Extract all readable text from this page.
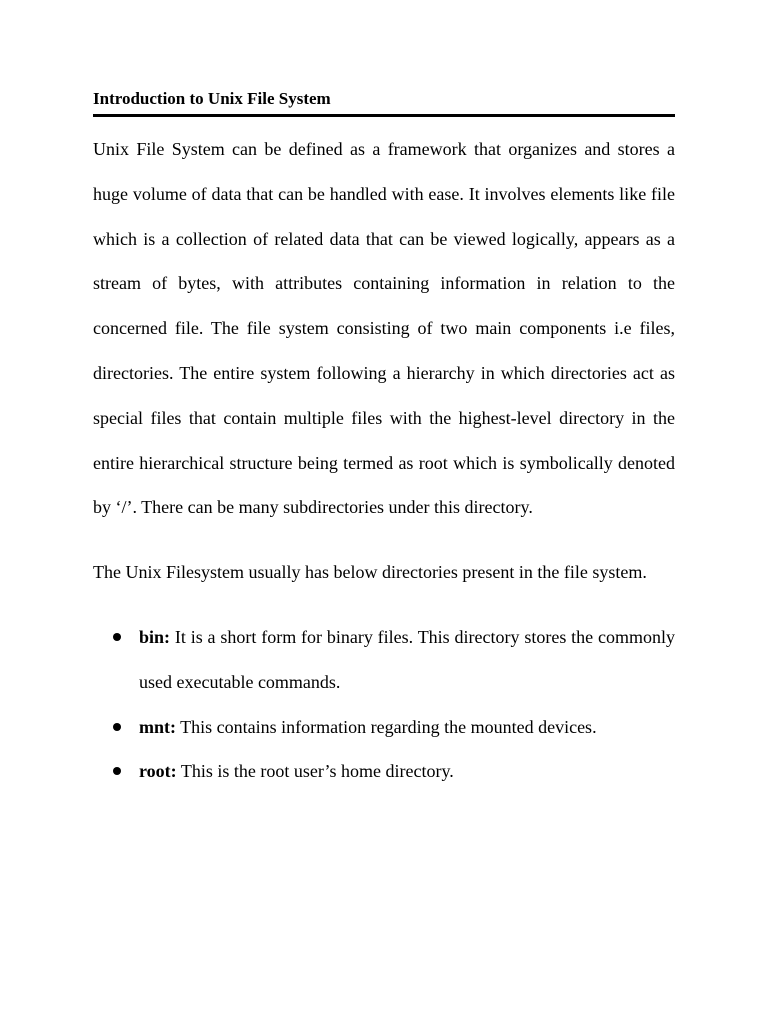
Introduction to Unix File System

Unix File System can be defined as a framework that organizes and stores a huge volume of data that can be handled with ease. It involves elements like file which is a collection of related data that can be viewed logically, appears as a stream of bytes, with attributes containing information in relation to the concerned file. The file system consisting of two main components i.e files, directories. The entire system following a hierarchy in which directories act as special files that contain multiple files with the highest-level directory in the entire hierarchical structure being termed as root which is symbolically denoted by ‘/’. There can be many subdirectories under this directory.

The Unix Filesystem usually has below directories present in the file system.

bin: It is a short form for binary files. This directory stores the commonly used executable commands.
mnt: This contains information regarding the mounted devices.
root: This is the root user’s home directory.
